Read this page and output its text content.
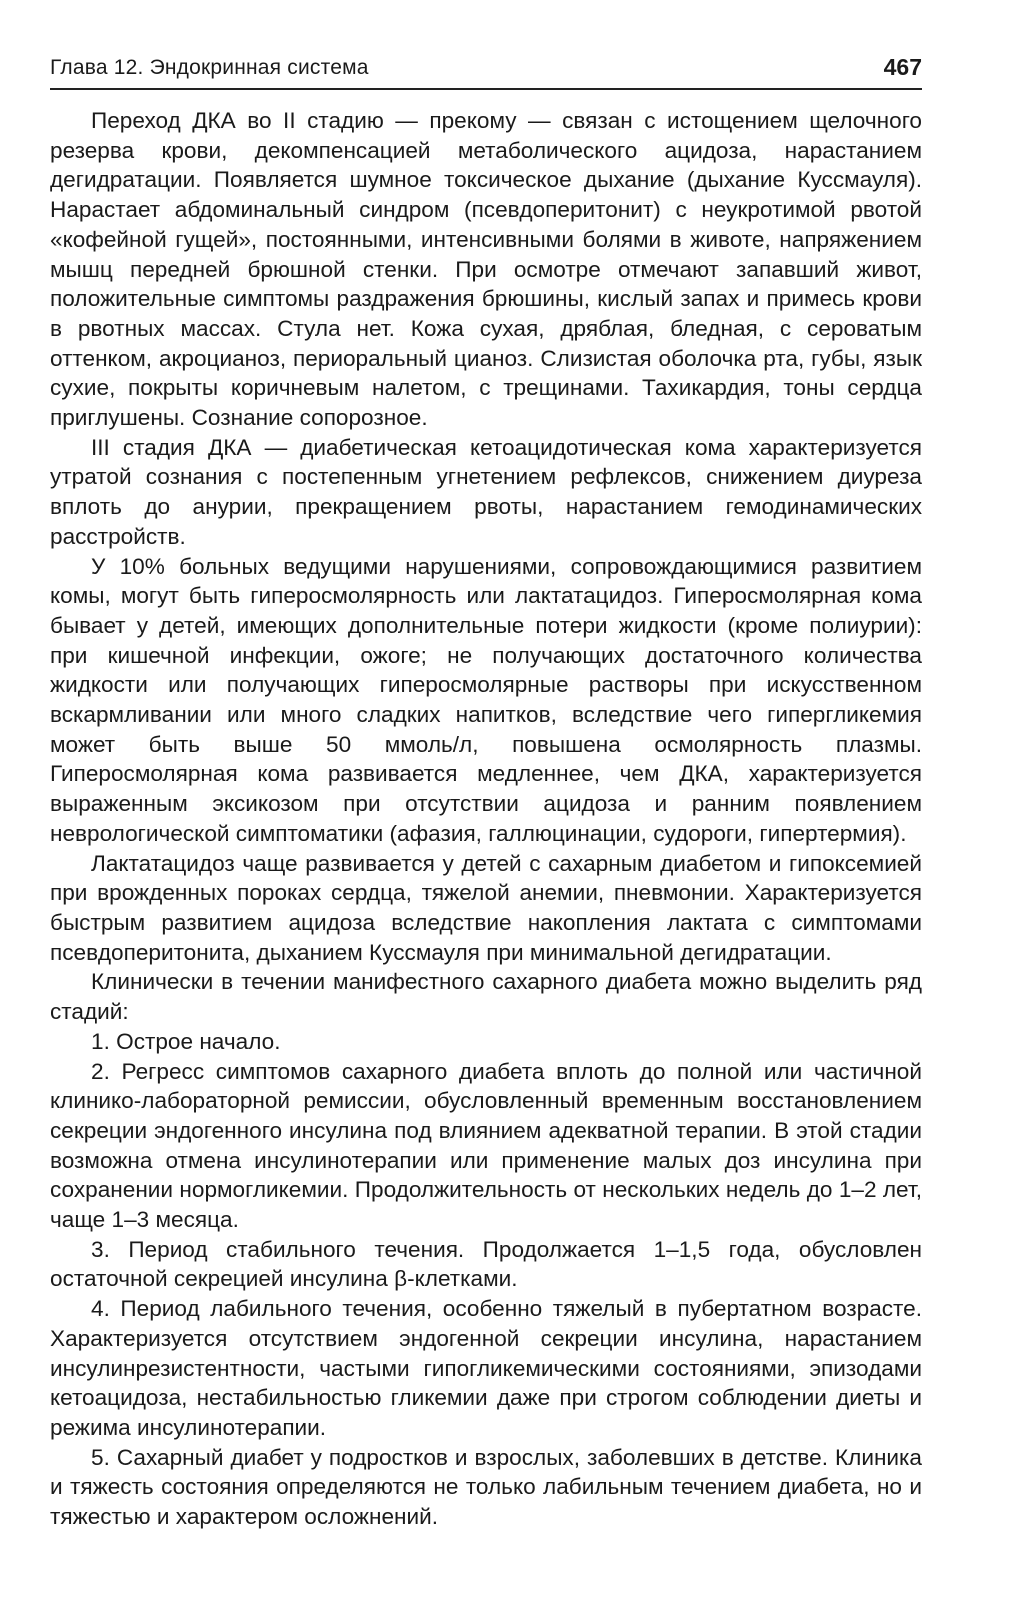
Глава 12. Эндокринная система	467

Переход ДКА во II стадию — прекому — связан с истощением щелочного резерва крови, декомпенсацией метаболического ацидоза, нарастанием дегидратации. Появляется шумное токсическое дыхание (дыхание Куссмауля). Нарастает абдоминальный синдром (псевдоперитонит) с неукротимой рвотой «кофейной гущей», постоянными, интенсивными болями в животе, напряжением мышц передней брюшной стенки. При осмотре отмечают запавший живот, положительные симптомы раздражения брюшины, кислый запах и примесь крови в рвотных массах. Стула нет. Кожа сухая, дряблая, бледная, с сероватым оттенком, акроцианоз, периоральный цианоз. Слизистая оболочка рта, губы, язык сухие, покрыты коричневым налетом, с трещинами. Тахикардия, тоны сердца приглушены. Сознание сопорозное.

III стадия ДКА — диабетическая кетоацидотическая кома характеризуется утратой сознания с постепенным угнетением рефлексов, снижением диуреза вплоть до анурии, прекращением рвоты, нарастанием гемодинамических расстройств.

У 10% больных ведущими нарушениями, сопровождающимися развитием комы, могут быть гиперосмолярность или лактатацидоз. Гиперосмолярная кома бывает у детей, имеющих дополнительные потери жидкости (кроме полиурии): при кишечной инфекции, ожоге; не получающих достаточного количества жидкости или получающих гиперосмолярные растворы при искусственном вскармливании или много сладких напитков, вследствие чего гипергликемия может быть выше 50 ммоль/л, повышена осмолярность плазмы. Гиперосмолярная кома развивается медленнее, чем ДКА, характеризуется выраженным эксикозом при отсутствии ацидоза и ранним появлением неврологической симптоматики (афазия, галлюцинации, судороги, гипертермия).

Лактатацидоз чаще развивается у детей с сахарным диабетом и гипоксемией при врожденных пороках сердца, тяжелой анемии, пневмонии. Характеризуется быстрым развитием ацидоза вследствие накопления лактата с симптомами псевдоперитонита, дыханием Куссмауля при минимальной дегидратации.

Клинически в течении манифестного сахарного диабета можно выделить ряд стадий:

1. Острое начало.

2. Регресс симптомов сахарного диабета вплоть до полной или частичной клинико-лабораторной ремиссии, обусловленный временным восстановлением секреции эндогенного инсулина под влиянием адекватной терапии. В этой стадии возможна отмена инсулинотерапии или применение малых доз инсулина при сохранении нормогликемии. Продолжительность от нескольких недель до 1–2 лет, чаще 1–3 месяца.

3. Период стабильного течения. Продолжается 1–1,5 года, обусловлен остаточной секрецией инсулина β-клетками.

4. Период лабильного течения, особенно тяжелый в пубертатном возрасте. Характеризуется отсутствием эндогенной секреции инсулина, нарастанием инсулинрезистентности, частыми гипогликемическими состояниями, эпизодами кетоацидоза, нестабильностью гликемии даже при строгом соблюдении диеты и режима инсулинотерапии.

5. Сахарный диабет у подростков и взрослых, заболевших в детстве. Клиника и тяжесть состояния определяются не только лабильным течением диабета, но и тяжестью и характером осложнений.
